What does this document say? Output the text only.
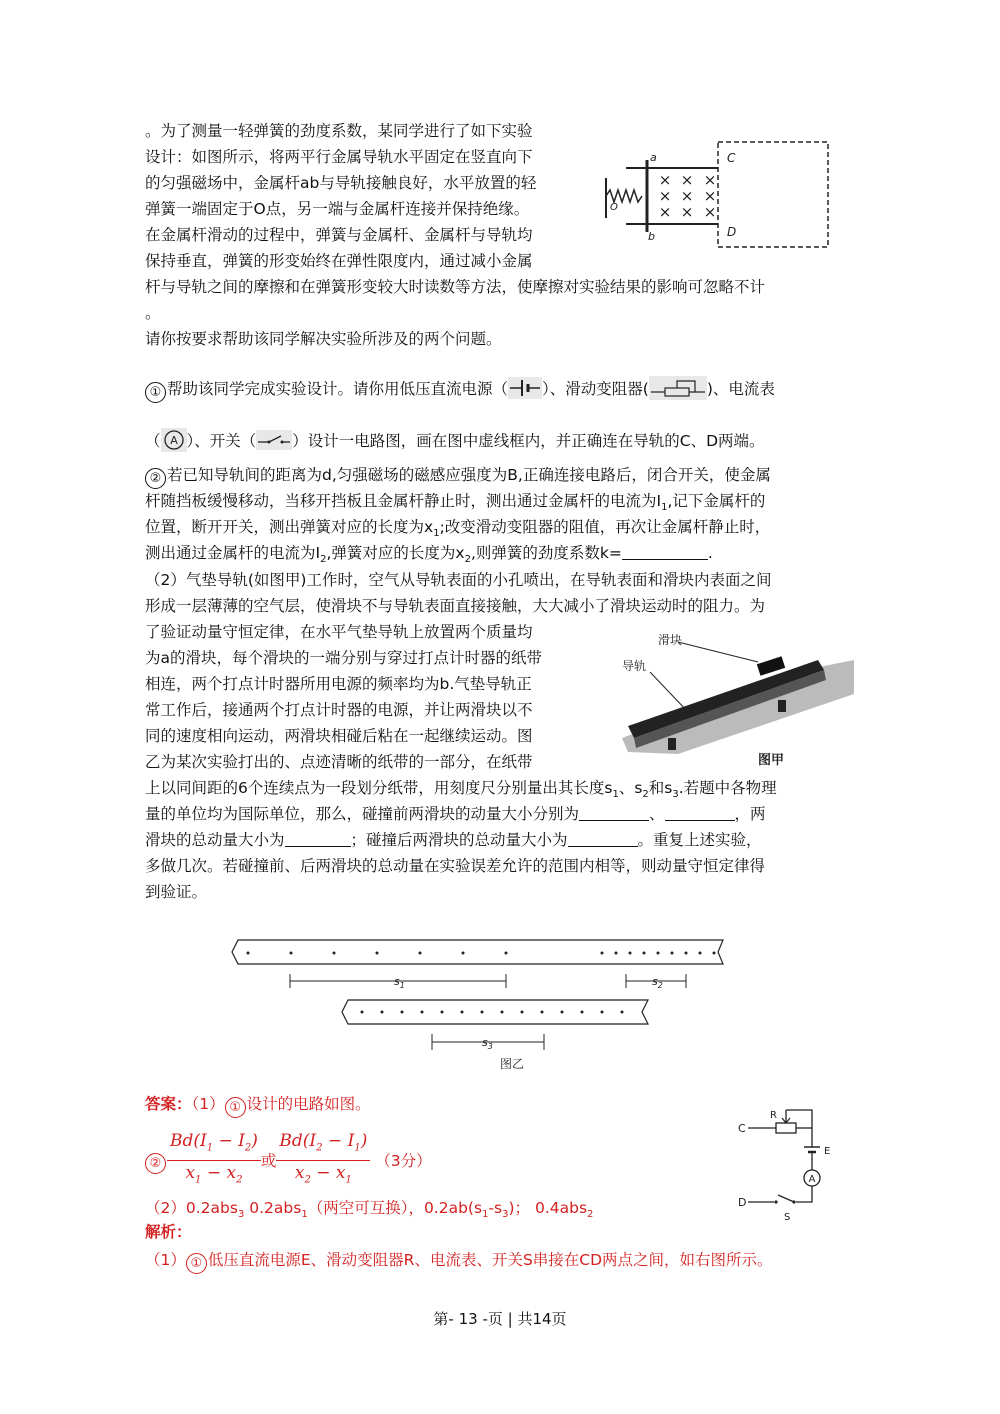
。为了测量一轻弹簧的劲度系数，某同学进行了如下实验
设计：如图所示，将两平行金属导轨水平固定在竖直向下
的匀强磁场中，金属杆ab与导轨接触良好，水平放置的轻
弹簧一端固定于O点，另一端与金属杆连接并保持绝缘。
在金属杆滑动的过程中，弹簧与金属杆、金属杆与导轨均
保持垂直，弹簧的形变始终在弹性限度内，通过减小金属
杆与导轨之间的摩擦和在弹簧形变较大时读数等方法，使摩擦对实验结果的影响可忽略不计
。
请你按要求帮助该同学解决实验所涉及的两个问题。
× × ×
× × ×
× × ×
a
b
C
D
O
① 帮助该同学完成实验设计。请你用低压直流电源（ ）、滑动变阻器(	)、电流表
（ A ）、开关（ ）设计一电路图，画在图中虚线框内，并正确连在导轨的C、D两端。
② 若已知导轨间的距离为d,匀强磁场的磁感应强度为B,正确连接电路后，闭合开关，使金属
杆随挡板缓慢移动，当移开挡板且金属杆静止时，测出通过金属杆的电流为$I_1$,记下金属杆的
位置，断开开关，测出弹簧对应的长度为$x_1$;改变滑动变阻器的阻值，再次让金属杆静止时，
测出通过金属杆的电流为$I_2$,弹簧对应的长度为$x_2$,则弹簧的劲度系数k=	.
（2）气垫导轨(如图甲)工作时，空气从导轨表面的小孔喷出，在导轨表面和滑块内表面之间
形成一层薄薄的空气层，使滑块不与导轨表面直接接触，大大减小了滑块运动时的阻力。为
了验证动量守恒定律，在水平气垫导轨上放置两个质量均
为a的滑块，每个滑块的一端分别与穿过打点计时器的纸带
相连，两个打点计时器所用电源的频率均为b.气垫导轨正
常工作后，接通两个打点计时器的电源，并让两滑块以不
同的速度相向运动，两滑块相碰后粘在一起继续运动。图
乙为某次实验打出的、点迹清晰的纸带的一部分，在纸带
上以同间距的6个连续点为一段划分纸带，用刻度尺分别量出其长度$s_1$、$s_2$和$s_3$.若题中各物理
量的单位均为国际单位，那么，碰撞前两滑块的动量大小分别为	、	，两
滑块的总动量大小为	；碰撞后两滑块的总动量大小为	。重复上述实验，
多做几次。若碰撞前、后两滑块的总动量在实验误差允许的范围内相等，则动量守恒定律得
到验证。
滑块
导轨
图甲
$s_1$	$s_2$
$s_3$
图乙
答案：（1） ① 设计的电路如图。
② $\frac{Bd(I_1 - I_2)}{x_1 - x_2}$ 或 $\frac{Bd(I_2 - I_1)}{x_2 - x_1} (3$分）
（2）0.2abs$_3$ 0.2abs$_1$（两空可互换），$0.2ab(s_1-s_3)$； 0.4abs$_2$
解析：
（1） ① 低压直流电源E、滑动变阻器R、电流表、开关S串接在CD两点之间，如右图所示。
C
R
E
A
D
S
第- 13 -页 | 共14页
